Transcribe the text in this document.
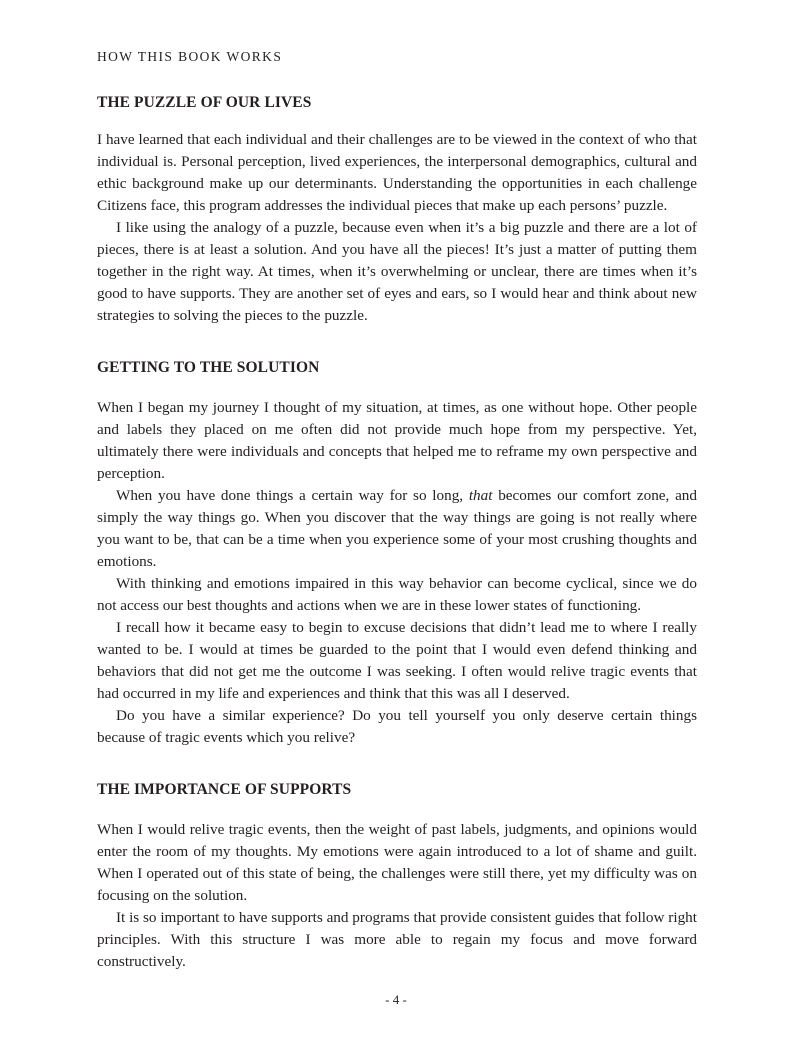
HOW THIS BOOK WORKS

THE PUZZLE OF OUR LIVES

I have learned that each individual and their challenges are to be viewed in the context of who that individual is. Personal perception, lived experiences, the interpersonal demographics, cultural and ethic background make up our determinants. Understanding the opportunities in each challenge Citizens face, this program addresses the individual pieces that make up each persons’ puzzle.

I like using the analogy of a puzzle, because even when it’s a big puzzle and there are a lot of pieces, there is at least a solution. And you have all the pieces! It’s just a matter of putting them together in the right way. At times, when it’s overwhelming or unclear, there are times when it’s good to have supports. They are another set of eyes and ears, so I would hear and think about new strategies to solving the pieces to the puzzle.

GETTING TO THE SOLUTION

When I began my journey I thought of my situation, at times, as one without hope. Other people and labels they placed on me often did not provide much hope from my perspective. Yet, ultimately there were individuals and concepts that helped me to reframe my own perspective and perception.

When you have done things a certain way for so long, that becomes our comfort zone, and simply the way things go. When you discover that the way things are going is not really where you want to be, that can be a time when you experience some of your most crushing thoughts and emotions.

With thinking and emotions impaired in this way behavior can become cyclical, since we do not access our best thoughts and actions when we are in these lower states of functioning.

I recall how it became easy to begin to excuse decisions that didn’t lead me to where I really wanted to be. I would at times be guarded to the point that I would even defend thinking and behaviors that did not get me the outcome I was seeking. I often would relive tragic events that had occurred in my life and experiences and think that this was all I deserved.

Do you have a similar experience? Do you tell yourself you only deserve certain things because of tragic events which you relive?

THE IMPORTANCE OF SUPPORTS

When I would relive tragic events, then the weight of past labels, judgments, and opinions would enter the room of my thoughts. My emotions were again introduced to a lot of shame and guilt. When I operated out of this state of being, the challenges were still there, yet my difficulty was on focusing on the solution.

It is so important to have supports and programs that provide consistent guides that follow right principles. With this structure I was more able to regain my focus and move forward constructively.

- 4 -
